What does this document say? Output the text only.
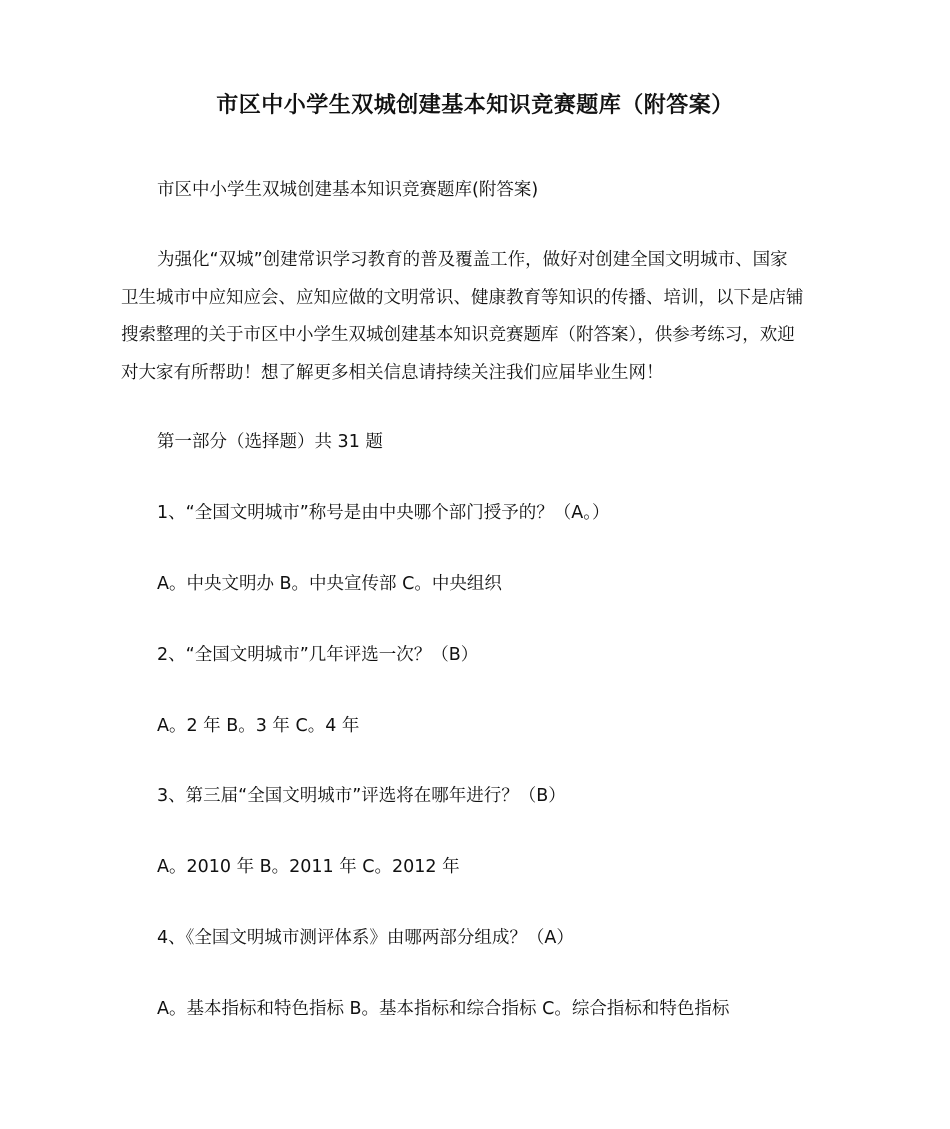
市区中小学生双城创建基本知识竞赛题库（附答案）

市区中小学生双城创建基本知识竞赛题库(附答案)

为强化“双城”创建常识学习教育的普及覆盖工作，做好对创建全国文明城市、国家
卫生城市中应知应会、应知应做的文明常识、健康教育等知识的传播、培训，以下是店铺
搜索整理的关于市区中小学生双城创建基本知识竞赛题库（附答案），供参考练习，欢迎
对大家有所帮助！想了解更多相关信息请持续关注我们应届毕业生网！

第一部分（选择题）共 31 题

1、“全国文明城市”称号是由中央哪个部门授予的？（A。）

A。中央文明办 B。中央宣传部 C。中央组织

2、“全国文明城市”几年评选一次？（B）

A。2 年 B。3 年 C。4 年

3、第三届“全国文明城市”评选将在哪年进行？（B）

A。2010 年 B。2011 年 C。2012 年

4、《全国文明城市测评体系》由哪两部分组成？（A）

A。基本指标和特色指标 B。基本指标和综合指标 C。综合指标和特色指标
